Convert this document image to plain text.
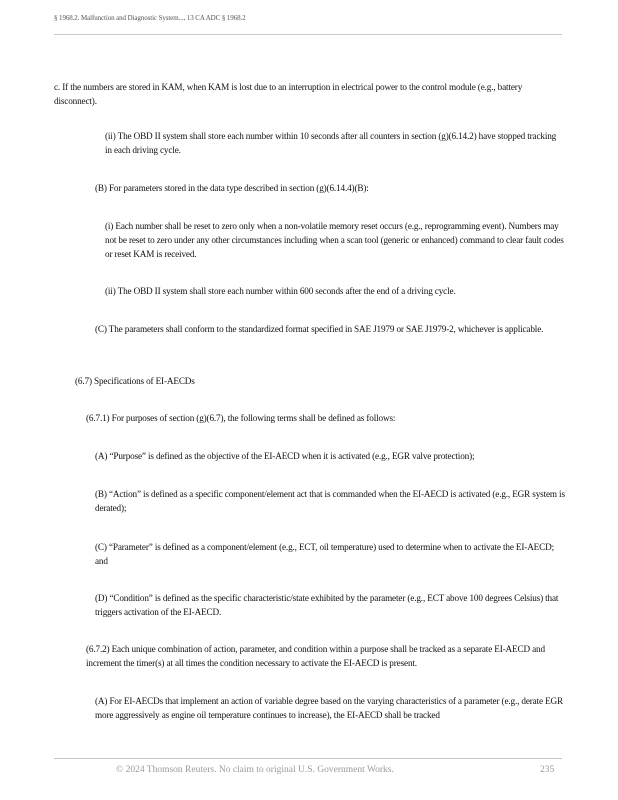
§ 1968.2. Malfunction and Diagnostic System..., 13 CA ADC § 1968.2

c. If the numbers are stored in KAM, when KAM is lost due to an interruption in electrical power to the control module (e.g., battery disconnect).

(ii) The OBD II system shall store each number within 10 seconds after all counters in section (g)(6.14.2) have stopped tracking in each driving cycle.

(B) For parameters stored in the data type described in section (g)(6.14.4)(B):

(i) Each number shall be reset to zero only when a non-volatile memory reset occurs (e.g., reprogramming event). Numbers may not be reset to zero under any other circumstances including when a scan tool (generic or enhanced) command to clear fault codes or reset KAM is received.

(ii) The OBD II system shall store each number within 600 seconds after the end of a driving cycle.

(C) The parameters shall conform to the standardized format specified in SAE J1979 or SAE J1979-2, whichever is applicable.

(6.7) Specifications of EI-AECDs

(6.7.1) For purposes of section (g)(6.7), the following terms shall be defined as follows:

(A) “Purpose” is defined as the objective of the EI-AECD when it is activated (e.g., EGR valve protection);

(B) “Action” is defined as a specific component/element act that is commanded when the EI-AECD is activated (e.g., EGR system is derated);

(C) “Parameter” is defined as a component/element (e.g., ECT, oil temperature) used to determine when to activate the EI-AECD; and

(D) “Condition” is defined as the specific characteristic/state exhibited by the parameter (e.g., ECT above 100 degrees Celsius) that triggers activation of the EI-AECD.

(6.7.2) Each unique combination of action, parameter, and condition within a purpose shall be tracked as a separate EI-AECD and increment the timer(s) at all times the condition necessary to activate the EI-AECD is present.

(A) For EI-AECDs that implement an action of variable degree based on the varying characteristics of a parameter (e.g., derate EGR more aggressively as engine oil temperature continues to increase), the EI-AECD shall be tracked

© 2024 Thomson Reuters. No claim to original U.S. Government Works.	235
